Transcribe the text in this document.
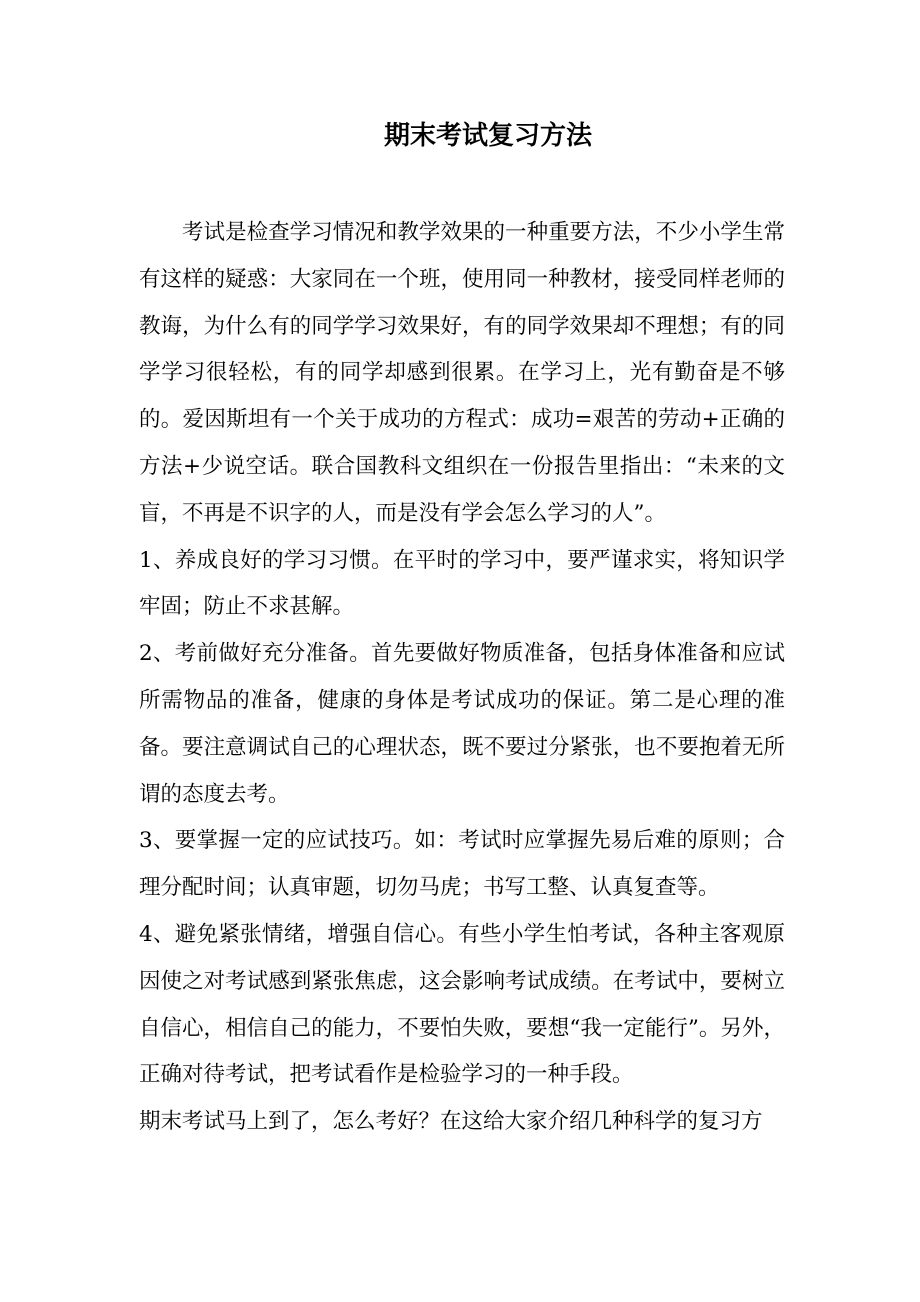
期末考试复习方法

考试是检查学习情况和教学效果的一种重要方法，不少小学生常有这样的疑惑：大家同在一个班，使用同一种教材，接受同样老师的教诲，为什么有的同学学习效果好，有的同学效果却不理想；有的同学学习很轻松，有的同学却感到很累。在学习上，光有勤奋是不够的。爱因斯坦有一个关于成功的方程式：成功=艰苦的劳动+正确的方法+少说空话。联合国教科文组织在一份报告里指出：“未来的文盲，不再是不识字的人，而是没有学会怎么学习的人”。

1、养成良好的学习习惯。在平时的学习中，要严谨求实，将知识学牢固；防止不求甚解。

2、考前做好充分准备。首先要做好物质准备，包括身体准备和应试所需物品的准备，健康的身体是考试成功的保证。第二是心理的准备。要注意调试自己的心理状态，既不要过分紧张，也不要抱着无所谓的态度去考。

3、要掌握一定的应试技巧。如：考试时应掌握先易后难的原则；合理分配时间；认真审题，切勿马虎；书写工整、认真复查等。

4、避免紧张情绪，增强自信心。有些小学生怕考试，各种主客观原因使之对考试感到紧张焦虑，这会影响考试成绩。在考试中，要树立自信心，相信自己的能力，不要怕失败，要想“我一定能行”。另外，正确对待考试，把考试看作是检验学习的一种手段。

期末考试马上到了，怎么考好？在这给大家介绍几种科学的复习方
